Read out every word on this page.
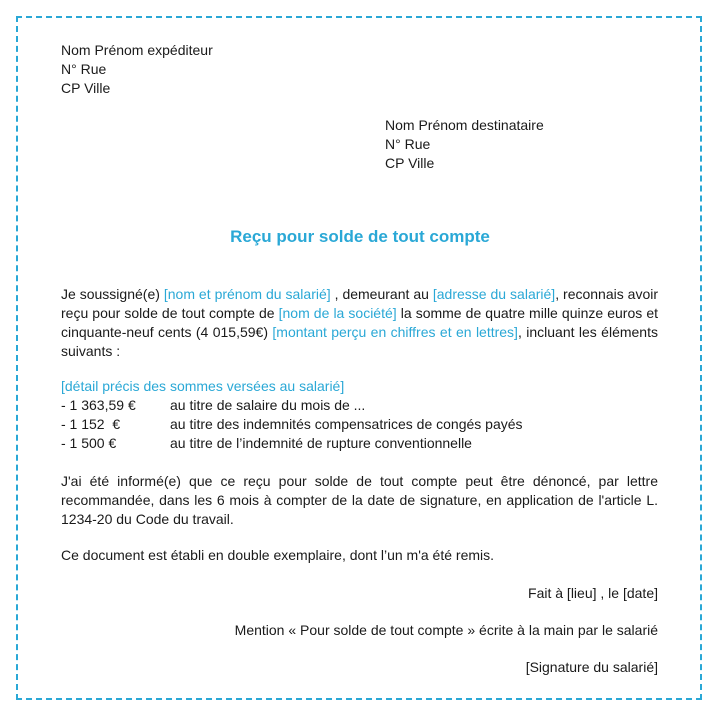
Nom Prénom expéditeur
N° Rue
CP Ville
Nom Prénom destinataire
N° Rue
CP Ville
Reçu pour solde de tout compte
Je soussigné(e) [nom et prénom du salarié] , demeurant au [adresse du salarié], reconnais avoir reçu pour solde de tout compte de [nom de la société] la somme de quatre mille quinze euros et cinquante-neuf cents (4 015,59€) [montant perçu en chiffres et en lettres], incluant les éléments suivants :
[détail précis des sommes versées au salarié]
- 1 363,59 €	au titre de salaire du mois de ...
- 1 152  €	au titre des indemnités compensatrices de congés payés
- 1 500 €	au titre de l’indemnité de rupture conventionnelle
J'ai été informé(e) que ce reçu pour solde de tout compte peut être dénoncé, par lettre recommandée, dans les 6 mois à compter de la date de signature, en application de l'article L. 1234-20 du Code du travail.
Ce document est établi en double exemplaire, dont l’un m'a été remis.
Fait à [lieu] , le [date]
Mention « Pour solde de tout compte » écrite à la main par le salarié
[Signature du salarié]
